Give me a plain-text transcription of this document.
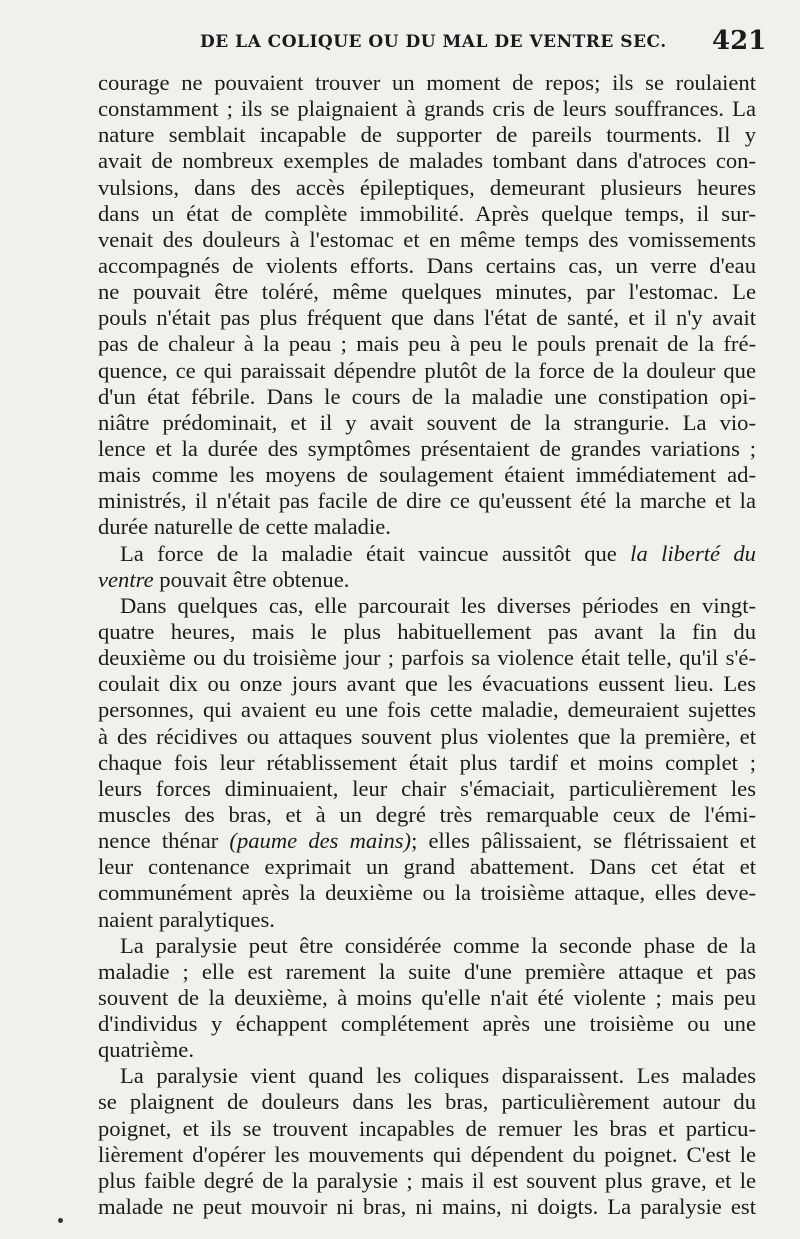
DE LA COLIQUE OU DU MAL DE VENTRE SEC. 421
courage ne pouvaient trouver un moment de repos; ils se roulaient
constamment ; ils se plaignaient à grands cris de leurs souffrances. La
nature semblait incapable de supporter de pareils tourments. Il y
avait de nombreux exemples de malades tombant dans d'atroces con-
vulsions, dans des accès épileptiques, demeurant plusieurs heures
dans un état de complète immobilité. Après quelque temps, il sur-
venait des douleurs à l'estomac et en même temps des vomissements
accompagnés de violents efforts. Dans certains cas, un verre d'eau
ne pouvait être toléré, même quelques minutes, par l'estomac. Le
pouls n'était pas plus fréquent que dans l'état de santé, et il n'y avait
pas de chaleur à la peau ; mais peu à peu le pouls prenait de la fré-
quence, ce qui paraissait dépendre plutôt de la force de la douleur que
d'un état fébrile. Dans le cours de la maladie une constipation opi-
niâtre prédominait, et il y avait souvent de la strangurie. La vio-
lence et la durée des symptômes présentaient de grandes variations ;
mais comme les moyens de soulagement étaient immédiatement ad-
ministrés, il n'était pas facile de dire ce qu'eussent été la marche et la
durée naturelle de cette maladie.
La force de la maladie était vaincue aussitôt que la liberté du
ventre pouvait être obtenue.
Dans quelques cas, elle parcourait les diverses périodes en vingt-
quatre heures, mais le plus habituellement pas avant la fin du
deuxième ou du troisième jour ; parfois sa violence était telle, qu'il s'é-
coulait dix ou onze jours avant que les évacuations eussent lieu. Les
personnes, qui avaient eu une fois cette maladie, demeuraient sujettes
à des récidives ou attaques souvent plus violentes que la première, et
chaque fois leur rétablissement était plus tardif et moins complet ;
leurs forces diminuaient, leur chair s'émaciait, particulièrement les
muscles des bras, et à un degré très remarquable ceux de l'émi-
nence thénar (paume des mains); elles pâlissaient, se flétrissaient et
leur contenance exprimait un grand abattement. Dans cet état et
communément après la deuxième ou la troisième attaque, elles deve-
naient paralytiques.
La paralysie peut être considérée comme la seconde phase de la
maladie ; elle est rarement la suite d'une première attaque et pas
souvent de la deuxième, à moins qu'elle n'ait été violente ; mais peu
d'individus y échappent complétement après une troisième ou une
quatrième.
La paralysie vient quand les coliques disparaissent. Les malades
se plaignent de douleurs dans les bras, particulièrement autour du
poignet, et ils se trouvent incapables de remuer les bras et particu-
lièrement d'opérer les mouvements qui dépendent du poignet. C'est le
plus faible degré de la paralysie ; mais il est souvent plus grave, et le
malade ne peut mouvoir ni bras, ni mains, ni doigts. La paralysie est
